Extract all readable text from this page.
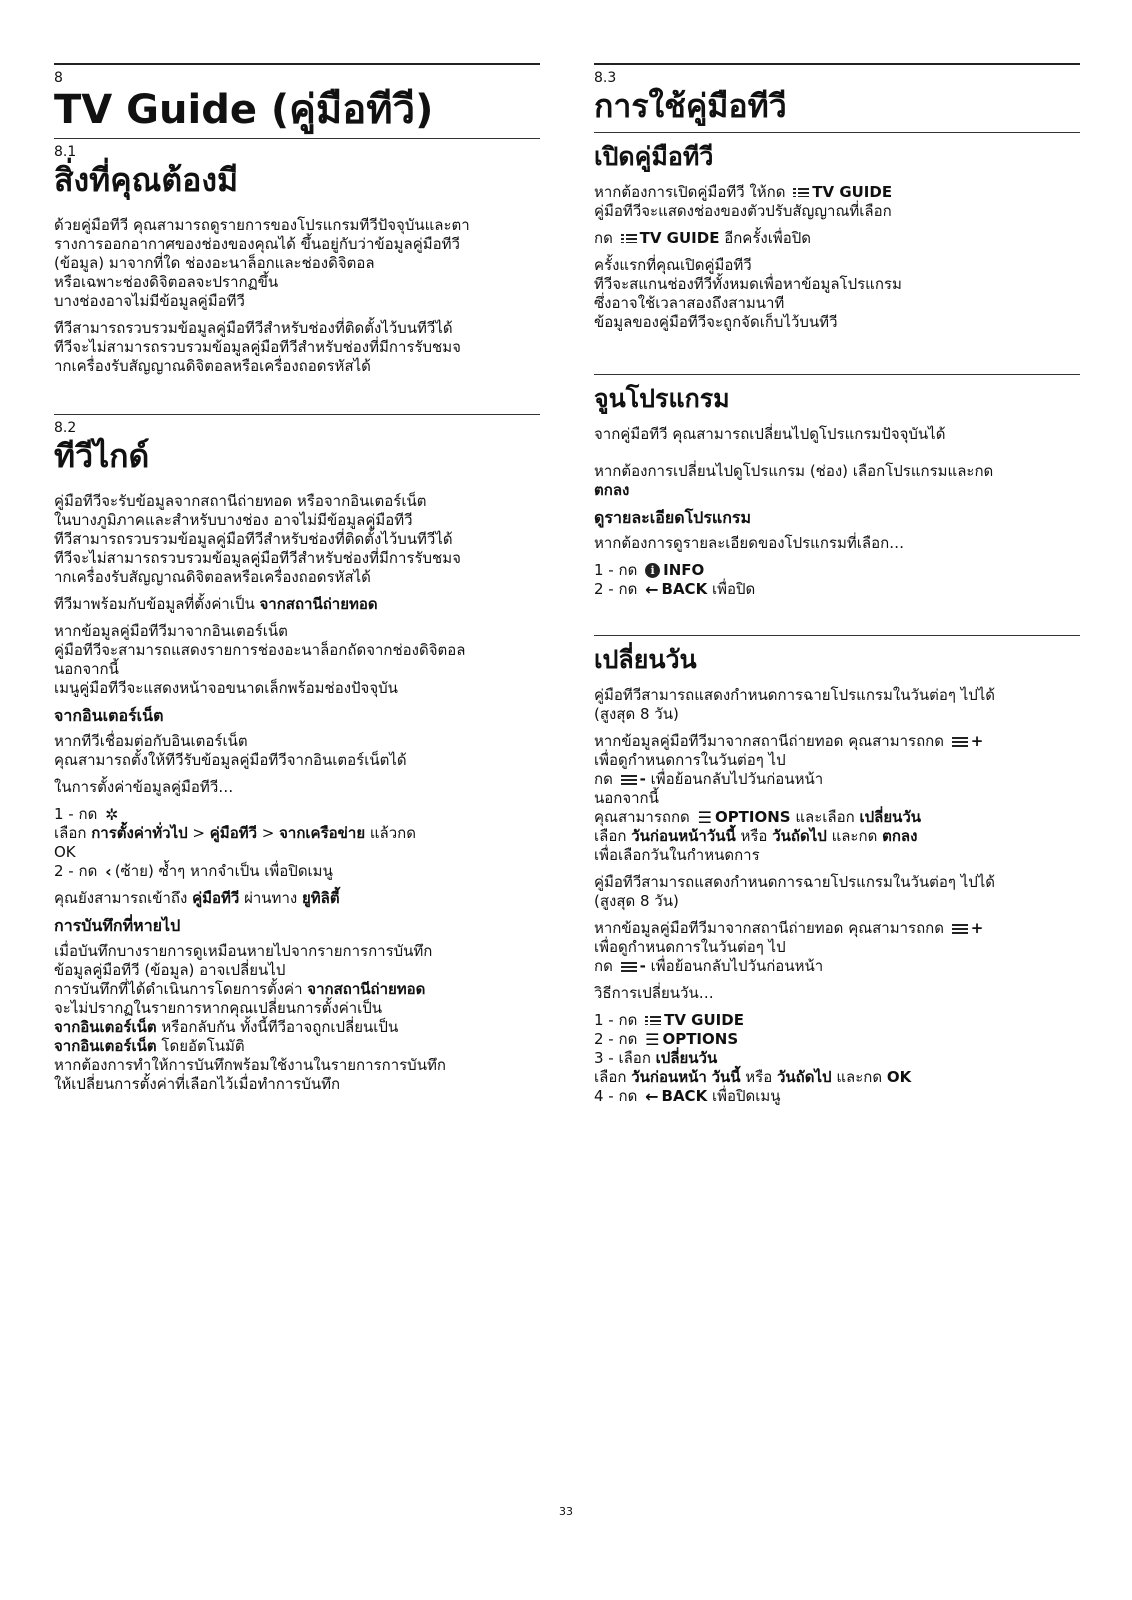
8
TV Guide (คู่มือทีวี)
8.1
สิ่งที่คุณต้องมี

ด้วยคู่มือทีวี คุณสามารถดูรายการของโปรแกรมทีวีปัจจุบันและตา
รางการออกอากาศของช่องของคุณได้ ขึ้นอยู่กับว่าข้อมูลคู่มือทีวี
(ข้อมูล) มาจากที่ใด ช่องอะนาล็อกและช่องดิจิตอล
หรือเฉพาะช่องดิจิตอลจะปรากฏขึ้น
บางช่องอาจไม่มีข้อมูลคู่มือทีวี

ทีวีสามารถรวบรวมข้อมูลคู่มือทีวีสำหรับช่องที่ติดตั้งไว้บนทีวีได้
ทีวีจะไม่สามารถรวบรวมข้อมูลคู่มือทีวีสำหรับช่องที่มีการรับชมจ
ากเครื่องรับสัญญาณดิจิตอลหรือเครื่องถอดรหัสได้

8.2
ทีวีไกด์

คู่มือทีวีจะรับข้อมูลจากสถานีถ่ายทอด หรือจากอินเตอร์เน็ต
ในบางภูมิภาคและสำหรับบางช่อง อาจไม่มีข้อมูลคู่มือทีวี
ทีวีสามารถรวบรวมข้อมูลคู่มือทีวีสำหรับช่องที่ติดตั้งไว้บนทีวีได้
ทีวีจะไม่สามารถรวบรวมข้อมูลคู่มือทีวีสำหรับช่องที่มีการรับชมจ
ากเครื่องรับสัญญาณดิจิตอลหรือเครื่องถอดรหัสได้

ทีวีมาพร้อมกับข้อมูลที่ตั้งค่าเป็น จากสถานีถ่ายทอด

หากข้อมูลคู่มือทีวีมาจากอินเตอร์เน็ต
คู่มือทีวีจะสามารถแสดงรายการช่องอะนาล็อกถัดจากช่องดิจิตอล
นอกจากนี้
เมนูคู่มือทีวีจะแสดงหน้าจอขนาดเล็กพร้อมช่องปัจจุบัน

จากอินเตอร์เน็ต

หากทีวีเชื่อมต่อกับอินเตอร์เน็ต
คุณสามารถตั้งให้ทีวีรับข้อมูลคู่มือทีวีจากอินเตอร์เน็ตได้

ในการตั้งค่าข้อมูลคู่มือทีวี…

1 - กด ✲

เลือก การตั้งค่าทั่วไป > คู่มือทีวี > จากเครือข่าย แล้วกด

OK

2 - กด ‹ (ซ้าย) ซ้ำๆ หากจำเป็น เพื่อปิดเมนู

คุณยังสามารถเข้าถึง คู่มือทีวี ผ่านทาง ยูทิลิตี้

การบันทึกที่หายไป

เมื่อบันทึกบางรายการดูเหมือนหายไปจากรายการการบันทึก
ข้อมูลคู่มือทีวี (ข้อมูล) อาจเปลี่ยนไป
การบันทึกที่ได้ดำเนินการโดยการตั้งค่า จากสถานีถ่ายทอด
จะไม่ปรากฏในรายการหากคุณเปลี่ยนการตั้งค่าเป็น
จากอินเตอร์เน็ต หรือกลับกัน ทั้งนี้ทีวีอาจถูกเปลี่ยนเป็น
จากอินเตอร์เน็ต โดยอัตโนมัติ
หากต้องการทำให้การบันทึกพร้อมใช้งานในรายการการบันทึก
ให้เปลี่ยนการตั้งค่าที่เลือกไว้เมื่อทำการบันทึก

8.3
การใช้คู่มือทีวี
เปิดคู่มือทีวี

หากต้องการเปิดคู่มือทีวี ให้กด TV GUIDE
คู่มือทีวีจะแสดงช่องของตัวปรับสัญญาณที่เลือก

กด TV GUIDE อีกครั้งเพื่อปิด

ครั้งแรกที่คุณเปิดคู่มือทีวี
ทีวีจะสแกนช่องทีวีทั้งหมดเพื่อหาข้อมูลโปรแกรม
ซึ่งอาจใช้เวลาสองถึงสามนาที
ข้อมูลของคู่มือทีวีจะถูกจัดเก็บไว้บนทีวี

จูนโปรแกรม

จากคู่มือทีวี คุณสามารถเปลี่ยนไปดูโปรแกรมปัจจุบันได้

หากต้องการเปลี่ยนไปดูโปรแกรม (ช่อง) เลือกโปรแกรมและกด
ตกลง

ดูรายละเอียดโปรแกรม

หากต้องการดูรายละเอียดของโปรแกรมที่เลือก…

1 - กด i INFO

2 - กด ← BACK เพื่อปิด

เปลี่ยนวัน

คู่มือทีวีสามารถแสดงกำหนดการฉายโปรแกรมในวันต่อๆ ไปได้
(สูงสุด 8 วัน)

หากข้อมูลคู่มือทีวีมาจากสถานีถ่ายทอด คุณสามารถกด +
เพื่อดูกำหนดการในวันต่อๆ ไป
กด - เพื่อย้อนกลับไปวันก่อนหน้า
นอกจากนี้
คุณสามารถกด ☰ OPTIONS และเลือก เปลี่ยนวัน
เลือก วันก่อนหน้าวันนี้ หรือ วันถัดไป และกด ตกลง
เพื่อเลือกวันในกำหนดการ

คู่มือทีวีสามารถแสดงกำหนดการฉายโปรแกรมในวันต่อๆ ไปได้
(สูงสุด 8 วัน)

หากข้อมูลคู่มือทีวีมาจากสถานีถ่ายทอด คุณสามารถกด +
เพื่อดูกำหนดการในวันต่อๆ ไป
กด - เพื่อย้อนกลับไปวันก่อนหน้า

วิธีการเปลี่ยนวัน…

1 - กด TV GUIDE

2 - กด ☰ OPTIONS

3 - เลือก เปลี่ยนวัน

เลือก วันก่อนหน้า วันนี้ หรือ วันถัดไป และกด OK

4 - กด ← BACK เพื่อปิดเมนู

33
